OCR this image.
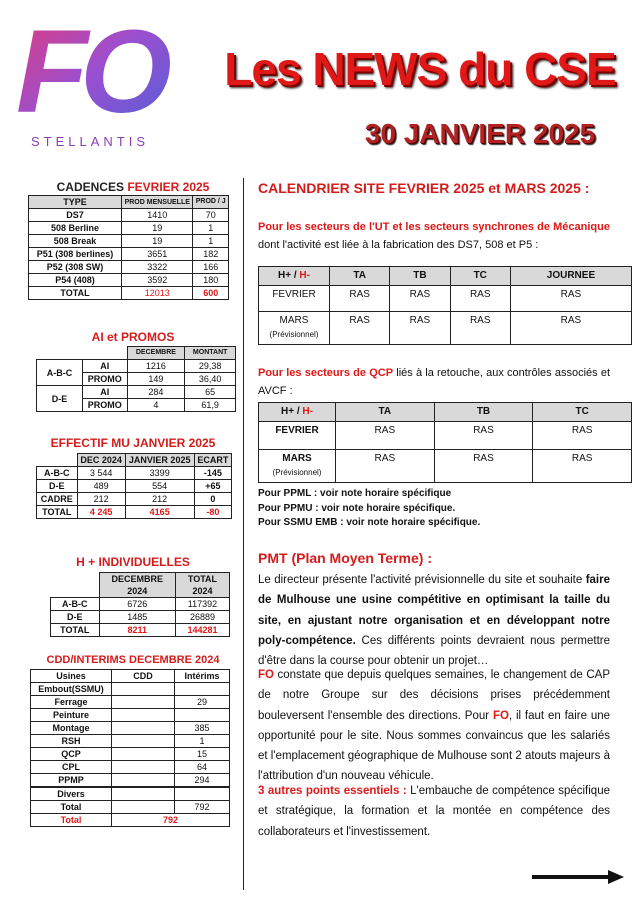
FO
STELLANTIS
Les NEWS du CSE
30 JANVIER 2025
CADENCES FEVRIER 2025
TYPE	PROD MENSUELLE	PROD / J
DS7	1410	70
508 Berline	19	1
508 Break	19	1
P51 (308 berlines)	3651	182
P52 (308 SW)	3322	166
P54 (408)	3592	180
TOTAL	12013	600
AI et PROMOS
		DECEMBRE	MONTANT
A-B-C	AI	1216	29,38
	PROMO	149	36,40
D-E	AI	284	65
	PROMO	4	61,9
EFFECTIF MU JANVIER 2025
	DEC 2024	JANVIER 2025	ECART
A-B-C	3 544	3399	-145
D-E	489	554	+65
CADRE	212	212	0
TOTAL	4 245	4165	-80
H + INDIVIDUELLES
	DECEMBRE 2024	TOTAL 2024
A-B-C	6726	117392
D-E	1485	26889
TOTAL	8211	144281
CDD/INTERIMS DECEMBRE 2024
Usines	CDD	Intérims
Embout(SSMU)		
Ferrage		29
Peinture		
Montage		385
RSH		1
QCP		15
CPL		64
PPMP		294

Divers		
Total		792
Total	792	
CALENDRIER SITE FEVRIER 2025 et MARS 2025 :
Pour les secteurs de l'UT et les secteurs synchrones de Mécanique dont l'activité est liée à la fabrication des DS7, 508 et P5 :
H+ / H-	TA	TB	TC	JOURNEE
FEVRIER	RAS	RAS	RAS	RAS

MARS
(Prévisionnel)	RAS	RAS	RAS	RAS
Pour les secteurs de QCP liés à la retouche, aux contrôles associés et AVCF :
H+ / H-	TA	TB	TC
FEVRIER	RAS	RAS	RAS

MARS
(Prévisionnel)	RAS	RAS	RAS
Pour PPML : voir note horaire spécifique
Pour PPMU : voir note horaire spécifique.
Pour SSMU EMB : voir note horaire spécifique.
PMT (Plan Moyen Terme) :
Le directeur présente l'activité prévisionnelle du site et souhaite faire de Mulhouse une usine compétitive en optimisant la taille du site, en ajustant notre organisation et en développant notre poly-compétence. Ces différents points devraient nous permettre d'être dans la course pour obtenir un projet…
FO constate que depuis quelques semaines, le changement de CAP de notre Groupe sur des décisions prises précédemment bouleversent l'ensemble des directions. Pour FO, il faut en faire une opportunité pour le site. Nous sommes convaincus que les salariés et l'emplacement géographique de Mulhouse sont 2 atouts majeurs à l'attribution d'un nouveau véhicule.
3 autres points essentiels : L'embauche de compétence spécifique et stratégique, la formation et la montée en compétence des collaborateurs et l'investissement.
